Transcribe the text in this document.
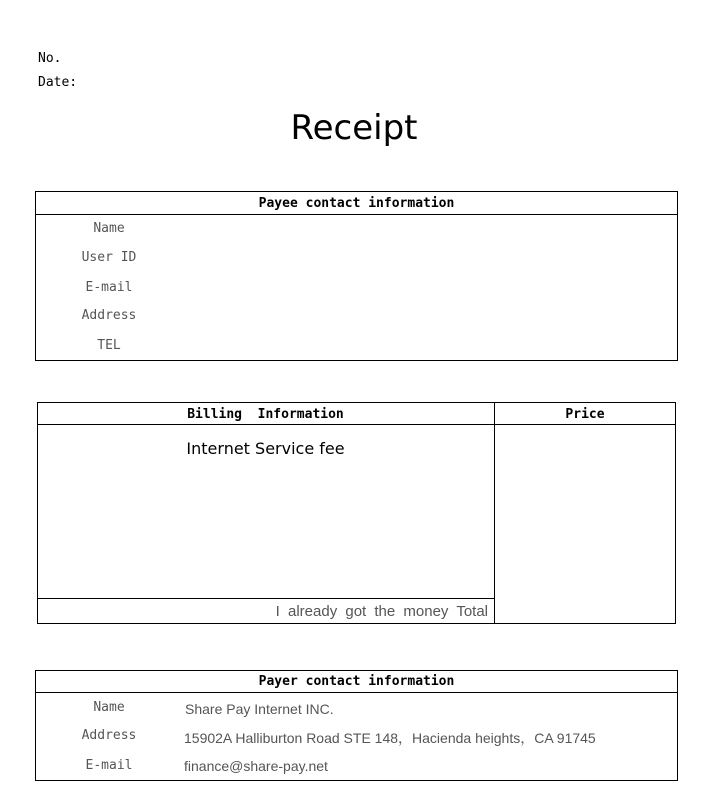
No.
Date:
Receipt
Payee contact information
Name
User ID
E-mail
Address
TEL
Billing  Information	Price
Internet Service fee
I already got the money Total
Payer contact information
Name	Share Pay Internet INC.
Address	15902A Halliburton Road STE 148，Hacienda heights，CA 91745
E-mail	finance@share-pay.net
